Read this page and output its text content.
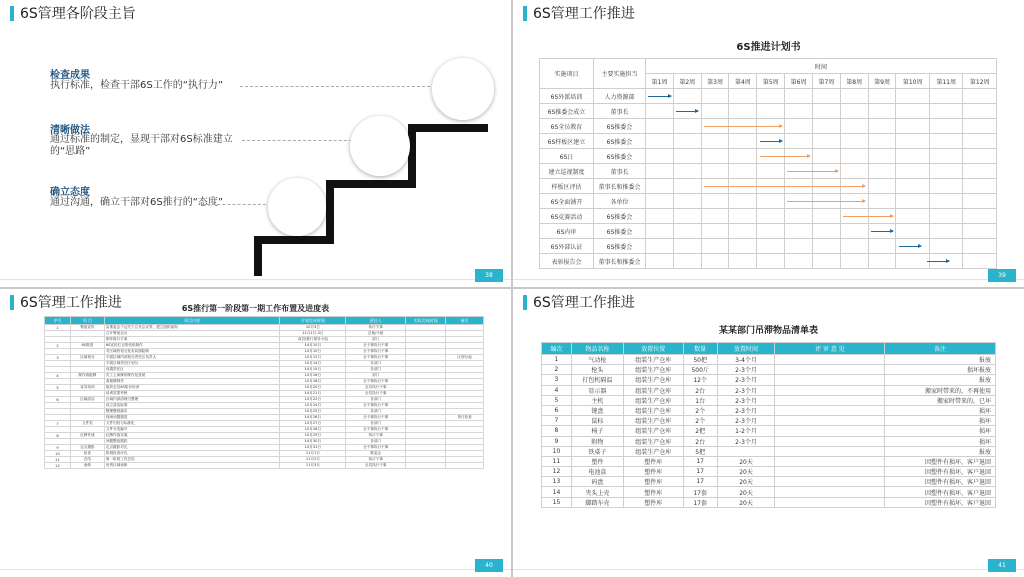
6S管理各阶段主旨
检查成果
执行标准，检查干部6S工作的“执行力”
清晰做法
通过标准的制定，显现干部对6S标准建立的“思路”
确立态度
通过沟通，确立干部对6S推行的“态度”	第一
阶段
第二
阶段
第三
阶段
38
6S管理工作推进
6S推进计划书
实施项目	主要实施担当	时间											
		第1周	第2周	第3周	第4周	第5周	第6周	第7周	第8周	第9周	第10周	第11周	第12周
6S外派培训	人力资源部												
6S推委会成立	董事长												
6S全员教育	6S推委会												
6S样板区建立	6S推委会												
6S日	6S推委会												
建立巡视制度	董事长												
样板区评估	董事长和推委会												
6S全面铺开	各单位												
6S竞赛活动	6S推委会												
6S内审	6S推委会												
6S外部认证	6S推委会												
表彰报告会	董事长和推委会												
39
6S管理工作推进	6S推行第一阶段第一期工作布置及进度表
序号	项 目	项目内容	计划完成时间	责任人	实际完成时间	备注
1	筹备宣传	由推委会下达关于召开会议等，建立组织架构	10月3日	执行干事		
		召开筹备会议	11月1日-3日	总裁/小组		
		制作推行方案	成员/推行领导小组	部门		
2	6S推进	6S宣传栏目的张贴制作	10月10日	全干事执行干事		
		对区域的划分及布局图绘制	10月10日	全干事执行干事		
3	区域划分	平面区域内部划分责任区负责人	10月12日	全干事执行干事		区划分起
		平面区域责任区划分	10月14日	各部门		
		设置责任区	10月15日	各部门		
4	制作看板牌	员工上岗牌的制作及张贴	10月16日	部门		
		看板牌制作	10月18日	全干事执行干事		
5	宣导培训	组织全员6S知识培训	10月20日	全员执行干事		
		培训效果考核	10月21日	全员执行干事		
6	区域清洁	区域内部清理与整理	10月22日	各部门		
		设立清洁标准	10月24日	全干事执行干事		
		整理整顿落实	10月25日	各部门		
		现场问题跟进	10月26日	全干事执行干事		每日检查
7	文件类	文件归档与标准化	10月27日	各部门		
		文件分类编号	10月28日	全干事执行干事		
8	红牌作战	红牌作战实施	10月29日	执行干事		
		问题整改跟踪	10月30日	各部门		
9	定点摄影	定点摄影对比	10月31日	全干事执行干事		
10	检查	阶段检查评比	11月1日	推委会		
11	总结	第一阶段工作总结	11月2日	执行干事		
12	表彰	优秀区域表彰	11月3日	全员执行干事		
40
6S管理工作推进
某某部门吊滞物品清单表
编次	物品名称	放置位置	数量	放置时间	评 审 意 见	备注
1	气动枪	组装生产仓库	50把	3-4个月		报废
2	枪头	组装生产仓库	500斤	2-3个月		损坏报废
3	打包机隔温	组装生产仓库	12个	2-3个月		报废
4	显示器	组装生产仓库	2台	2-3个月		搬家时带来的，不再使用
5	主机	组装生产仓库	1台	2-3个月		搬家时带来的，已坏
6	键盘	组装生产仓库	2个	2-3个月		损坏
7	鼠标	组装生产仓库	2个	2-3个月		损坏
8	椅子	组装生产仓库	2把	1-2个月		损坏
9	附物	组装生产仓库	2台	2-3个月		损坏
10	铁桌子	组装生产仓库	5把			报废
11	塑件	塑件库	17	20天		因塑件有损坏，客户退回
12	电池盒	塑件库	17	20天		因塑件有损坏，客户退回
13	码盘	塑件库	17	20天		因塑件有损坏，客户退回
14	夹头上壳	塑件库	17套	20天		因塑件有损坏，客户退回
15	脚踏车壳	塑件库	17套	20天		因塑件有损坏，客户退回
41
